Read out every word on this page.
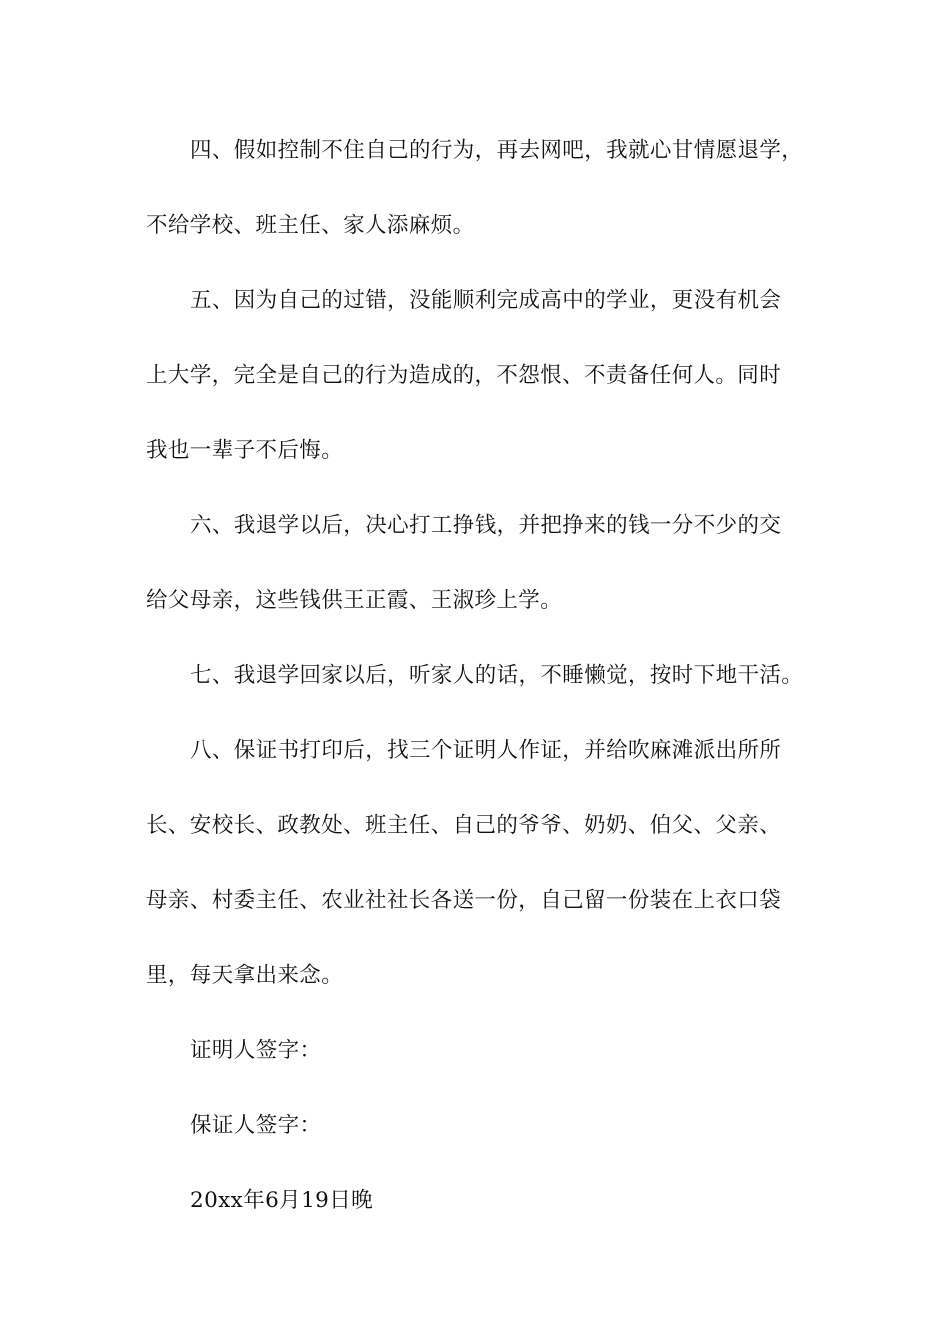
四、假如控制不住自己的行为，再去网吧，我就心甘情愿退学，
不给学校、班主任、家人添麻烦。
五、因为自己的过错，没能顺利完成高中的学业，更没有机会
上大学，完全是自己的行为造成的，不怨恨、不责备任何人。同时
我也一辈子不后悔。
六、我退学以后，决心打工挣钱，并把挣来的钱一分不少的交
给父母亲，这些钱供王正霞、王淑珍上学。
七、我退学回家以后，听家人的话，不睡懒觉，按时下地干活。
八、保证书打印后，找三个证明人作证，并给吹麻滩派出所所
长、安校长、政教处、班主任、自己的爷爷、奶奶、伯父、父亲、
母亲、村委主任、农业社社长各送一份，自己留一份装在上衣口袋
里，每天拿出来念。
证明人签字：
保证人签字：
20xx年6月19日晚
